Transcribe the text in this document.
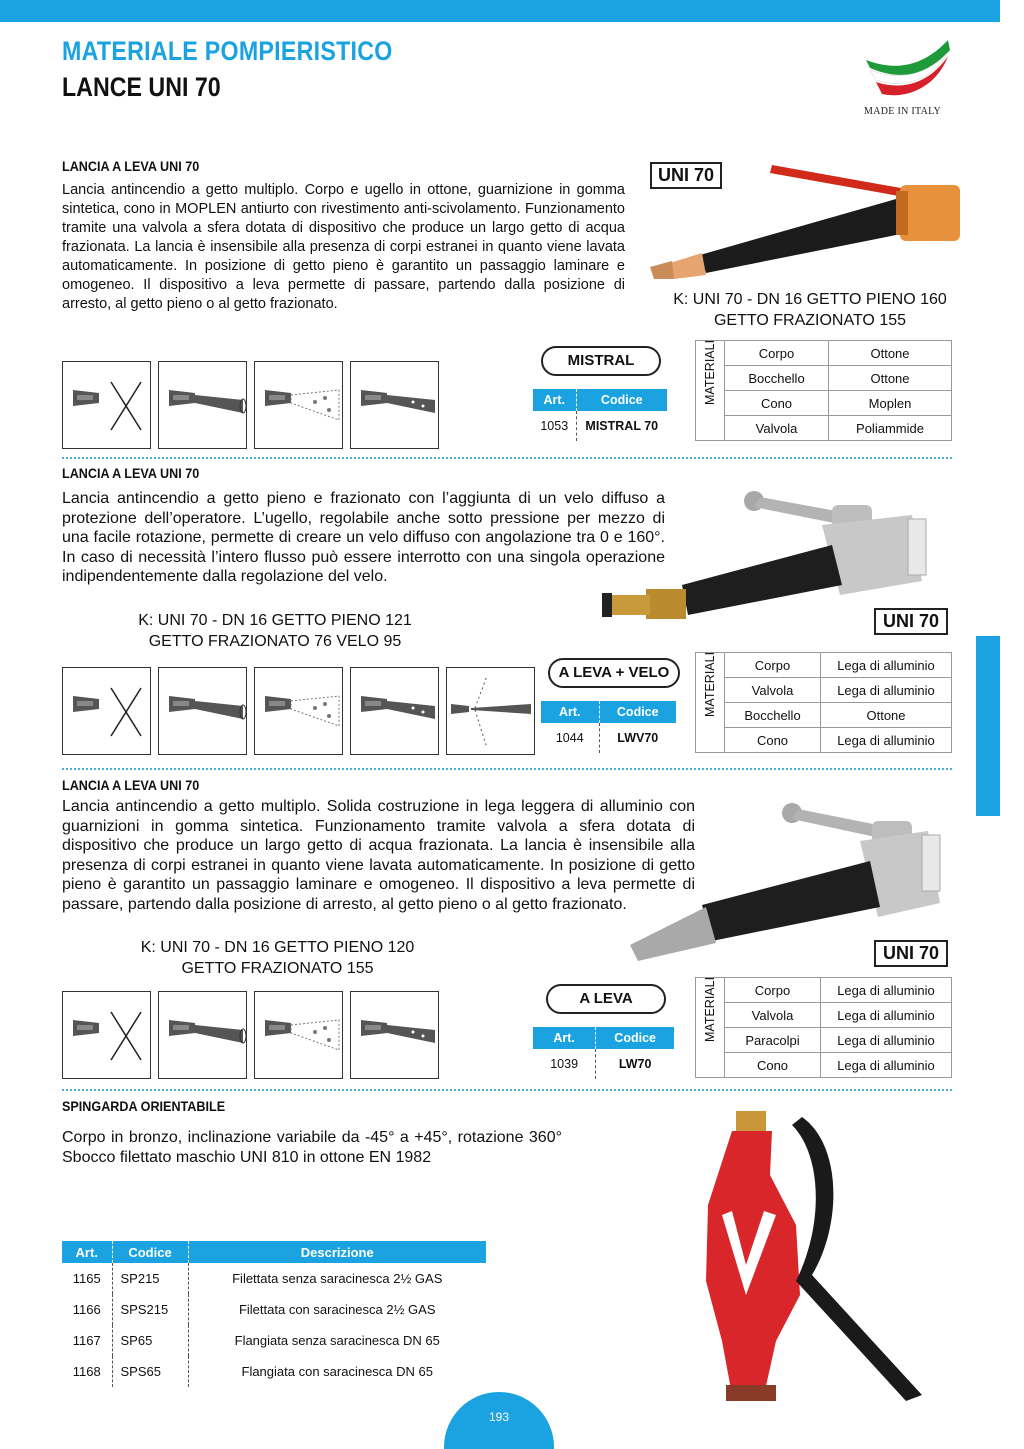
MATERIALE POMPIERISTICO
LANCE UNI 70
MADE IN ITALY
LANCIA A LEVA UNI 70
Lancia antincendio a getto multiplo. Corpo e ugello in ottone, guarnizione in gomma sintetica, cono in MOPLEN antiurto con rivestimento anti-scivolamento. Funzionamento tramite una valvola a sfera dotata di dispositivo che produce un largo getto di acqua frazionata. La lancia è insensibile alla presenza di corpi estranei in quanto viene lavata automaticamente. In posizione di getto pieno è garantito un passaggio laminare e omogeneo. Il dispositivo a leva permette di passare, partendo dalla posizione di arresto, al getto pieno o al getto frazionato.
UNI 70
K: UNI 70 - DN 16 GETTO PIENO 160
GETTO FRAZIONATO 155
MISTRAL
Art.	Codice
1053	MISTRAL 70
MATERIALI	Corpo	Ottone
	Bocchello	Ottone
	Cono	Moplen
	Valvola	Poliammide
LANCIA A LEVA UNI 70
Lancia antincendio a getto pieno e frazionato con l’aggiunta di un velo diffuso a protezione dell’operatore. L’ugello, regolabile anche sotto pressione per mezzo di una facile rotazione, permette di creare un velo diffuso con angolazione tra 0 e 160°. In caso di necessità l’intero flusso può essere interrotto con una singola operazione indipendentemente dalla regolazione del velo.
K: UNI 70 - DN 16 GETTO PIENO 121
GETTO FRAZIONATO 76 VELO 95
UNI 70
A LEVA + VELO
Art.	Codice
1044	LWV70
MATERIALI	Corpo	Lega di alluminio
	Valvola	Lega di alluminio
	Bocchello	Ottone
	Cono	Lega di alluminio
LANCIA A LEVA UNI 70
Lancia antincendio a getto multiplo. Solida costruzione in lega leggera di alluminio con guarnizioni in gomma sintetica. Funzionamento tramite valvola a sfera dotata di dispositivo che produce un largo getto di acqua frazionata. La lancia è insensibile alla presenza di corpi estranei in quanto viene lavata automaticamente. In posizione di getto pieno è garantito un passaggio laminare e omogeneo. Il dispositivo a leva permette di passare, partendo dalla posizione di arresto, al getto pieno o al getto frazionato.
K: UNI 70 - DN 16 GETTO PIENO 120
GETTO FRAZIONATO 155
UNI 70
A LEVA
Art.	Codice
1039	LW70
MATERIALI	Corpo	Lega di alluminio
	Valvola	Lega di alluminio
	Paracolpi	Lega di alluminio
	Cono	Lega di alluminio
SPINGARDA ORIENTABILE
Corpo in bronzo, inclinazione variabile da -45° a +45°, rotazione 360° Sbocco filettato maschio UNI 810 in ottone EN 1982
Art.	Codice	Descrizione
1165	SP215	Filettata senza saracinesca 2½ GAS
1166	SPS215	Filettata con saracinesca 2½ GAS
1167	SP65	Flangiata senza saracinesca DN 65
1168	SPS65	Flangiata con saracinesca DN 65
193
